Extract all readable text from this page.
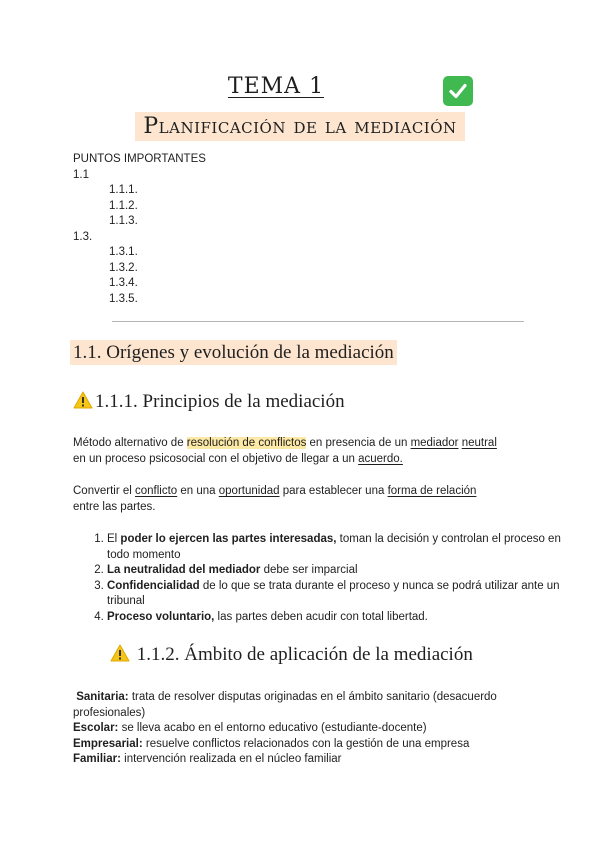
TEMA 1
Planificación de la mediación
PUNTOS IMPORTANTES
1.1
1.1.1.
1.1.2.
1.1.3.
1.3.
1.3.1.
1.3.2.
1.3.4.
1.3.5.
1.1. Orígenes y evolución de la mediación
1.1.1. Principios de la mediación
Método alternativo de resolución de conflictos en presencia de un mediador neutral
en un proceso psicosocial con el objetivo de llegar a un acuerdo.
Convertir el conflicto en una oportunidad para establecer una forma de relación
entre las partes.
1. El poder lo ejercen las partes interesadas, toman la decisión y controlan el proceso en todo momento
2. La neutralidad del mediador debe ser imparcial
3. Confidencialidad de lo que se trata durante el proceso y nunca se podrá utilizar ante un tribunal
4. Proceso voluntario, las partes deben acudir con total libertad.
1.1.2. Ámbito de aplicación de la mediación
Sanitaria: trata de resolver disputas originadas en el ámbito sanitario (desacuerdo profesionales)
Escolar: se lleva acabo en el entorno educativo (estudiante-docente)
Empresarial: resuelve conflictos relacionados con la gestión de una empresa
Familiar: intervención realizada en el núcleo familiar
